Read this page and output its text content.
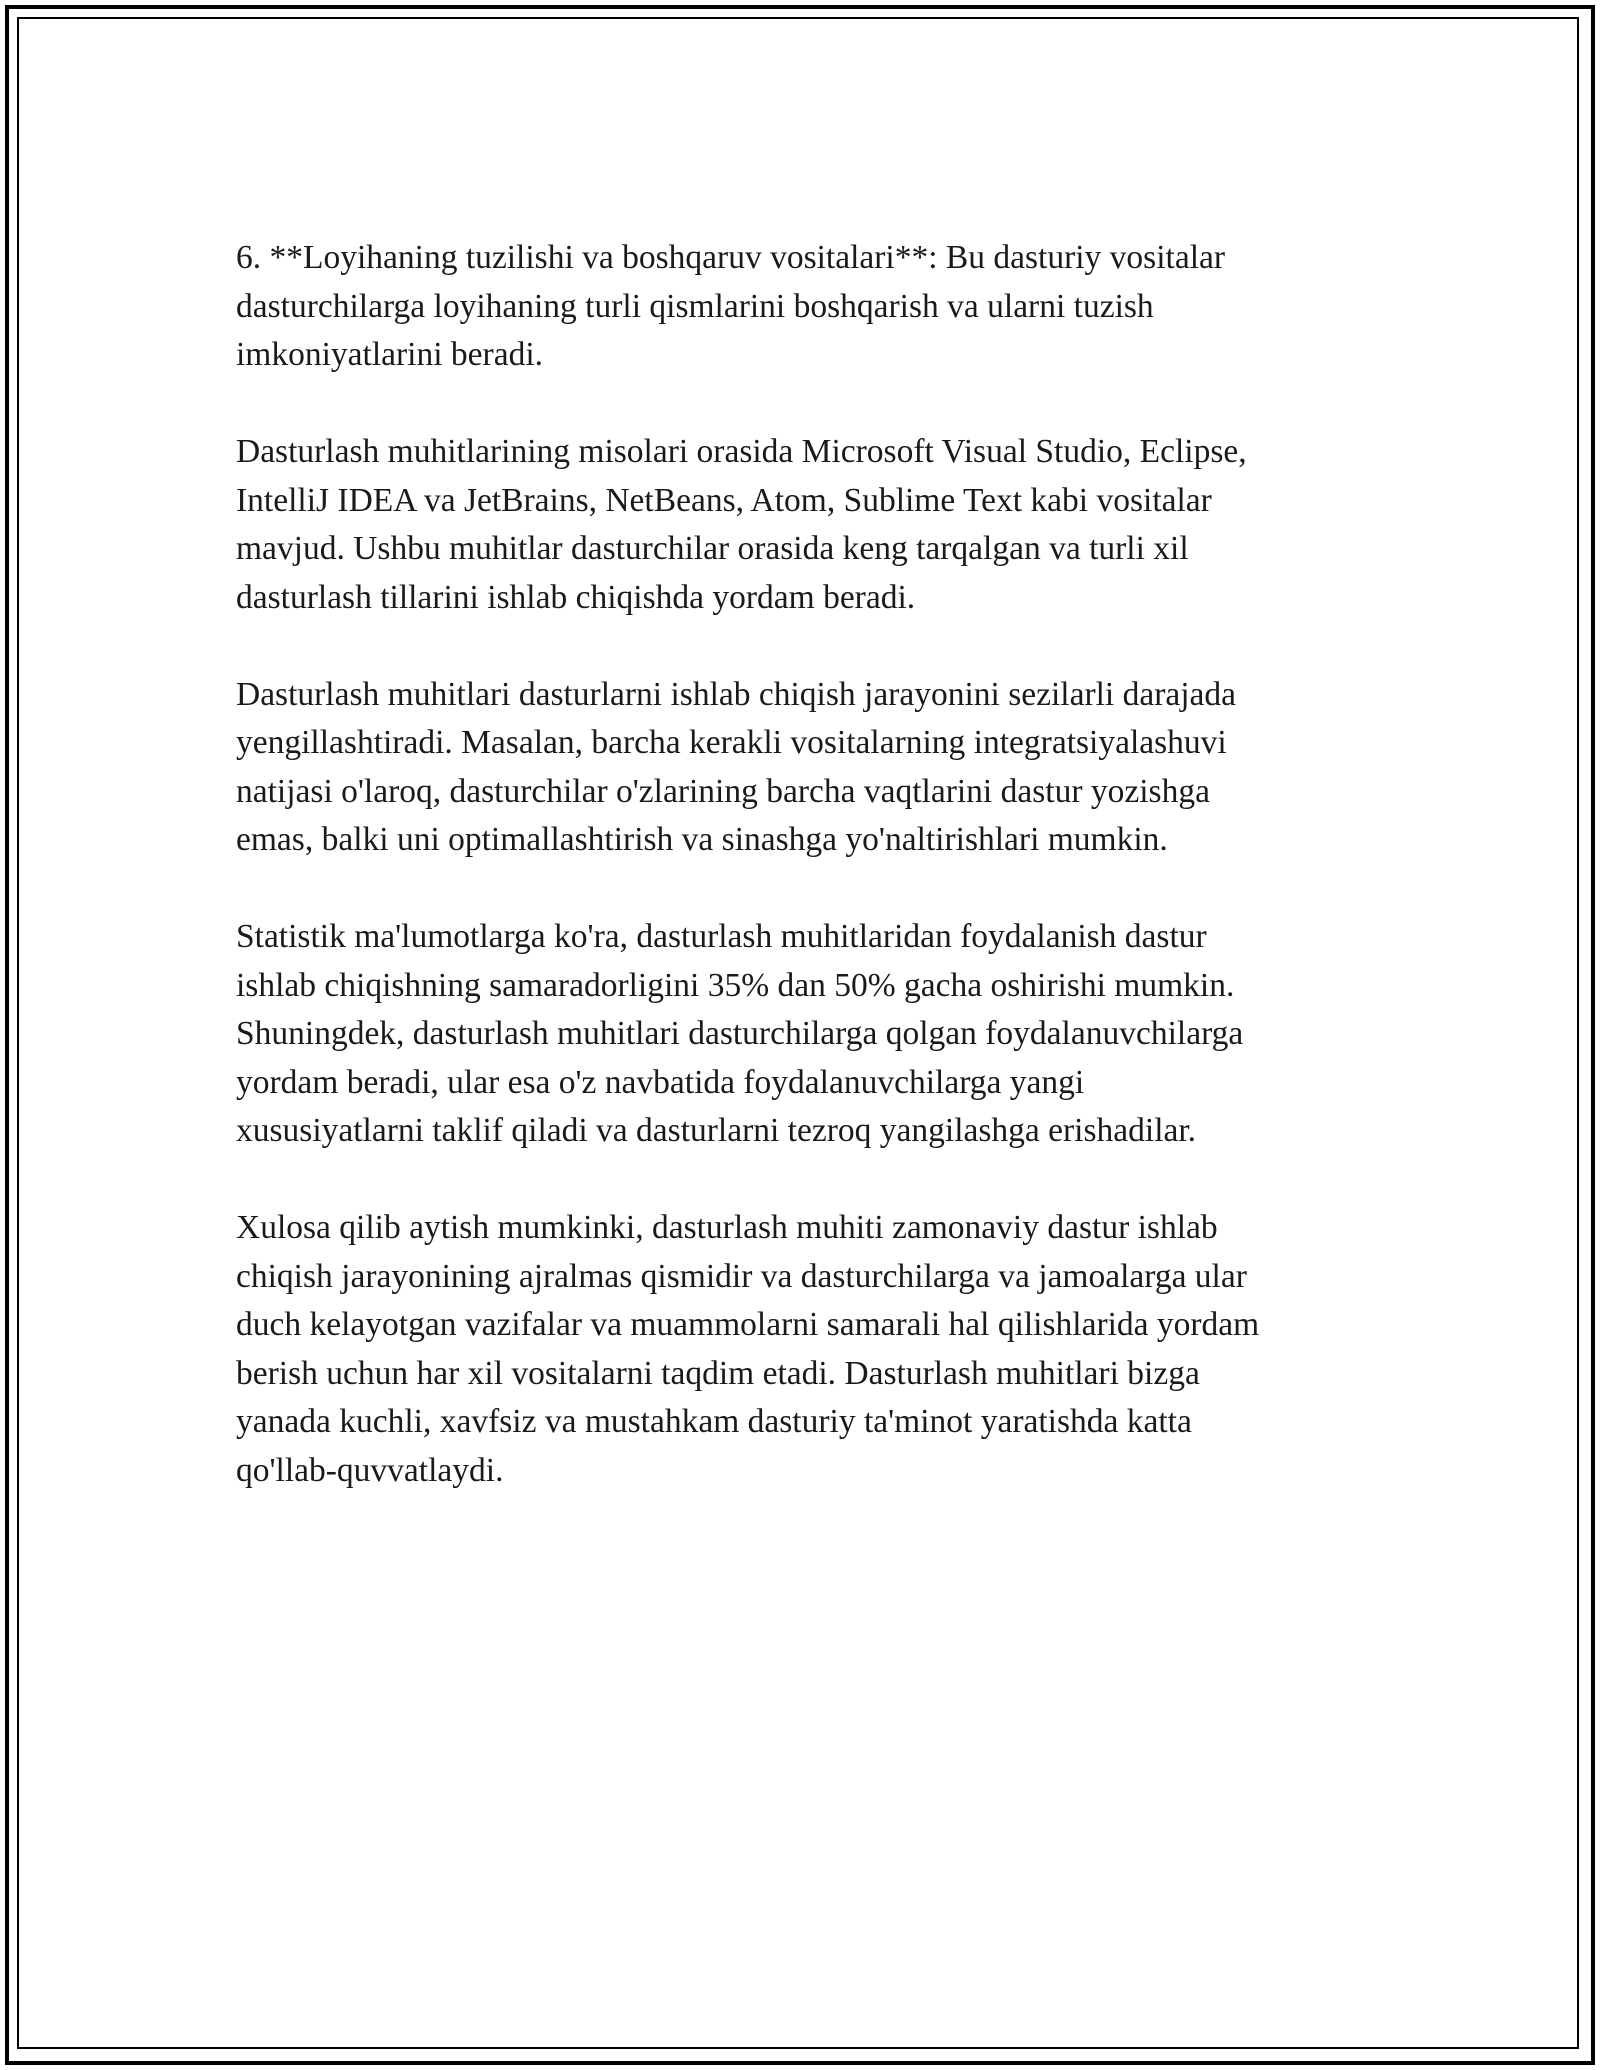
6. **Loyihaning tuzilishi va boshqaruv vositalari**: Bu dasturiy vositalar
dasturchilarga loyihaning turli qismlarini boshqarish va ularni tuzish
imkoniyatlarini beradi.

Dasturlash muhitlarining misolari orasida Microsoft Visual Studio, Eclipse,
IntelliJ IDEA va JetBrains, NetBeans, Atom, Sublime Text kabi vositalar
mavjud. Ushbu muhitlar dasturchilar orasida keng tarqalgan va turli xil
dasturlash tillarini ishlab chiqishda yordam beradi.

Dasturlash muhitlari dasturlarni ishlab chiqish jarayonini sezilarli darajada
yengillashtiradi. Masalan, barcha kerakli vositalarning integratsiyalashuvi
natijasi o'laroq, dasturchilar o'zlarining barcha vaqtlarini dastur yozishga
emas, balki uni optimallashtirish va sinashga yo'naltirishlari mumkin.

Statistik ma'lumotlarga ko'ra, dasturlash muhitlaridan foydalanish dastur
ishlab chiqishning samaradorligini 35% dan 50% gacha oshirishi mumkin.
Shuningdek, dasturlash muhitlari dasturchilarga qolgan foydalanuvchilarga
yordam beradi, ular esa o'z navbatida foydalanuvchilarga yangi
xususiyatlarni taklif qiladi va dasturlarni tezroq yangilashga erishadilar.

Xulosa qilib aytish mumkinki, dasturlash muhiti zamonaviy dastur ishlab
chiqish jarayonining ajralmas qismidir va dasturchilarga va jamoalarga ular
duch kelayotgan vazifalar va muammolarni samarali hal qilishlarida yordam
berish uchun har xil vositalarni taqdim etadi. Dasturlash muhitlari bizga
yanada kuchli, xavfsiz va mustahkam dasturiy ta'minot yaratishda katta
qo'llab-quvvatlaydi.
